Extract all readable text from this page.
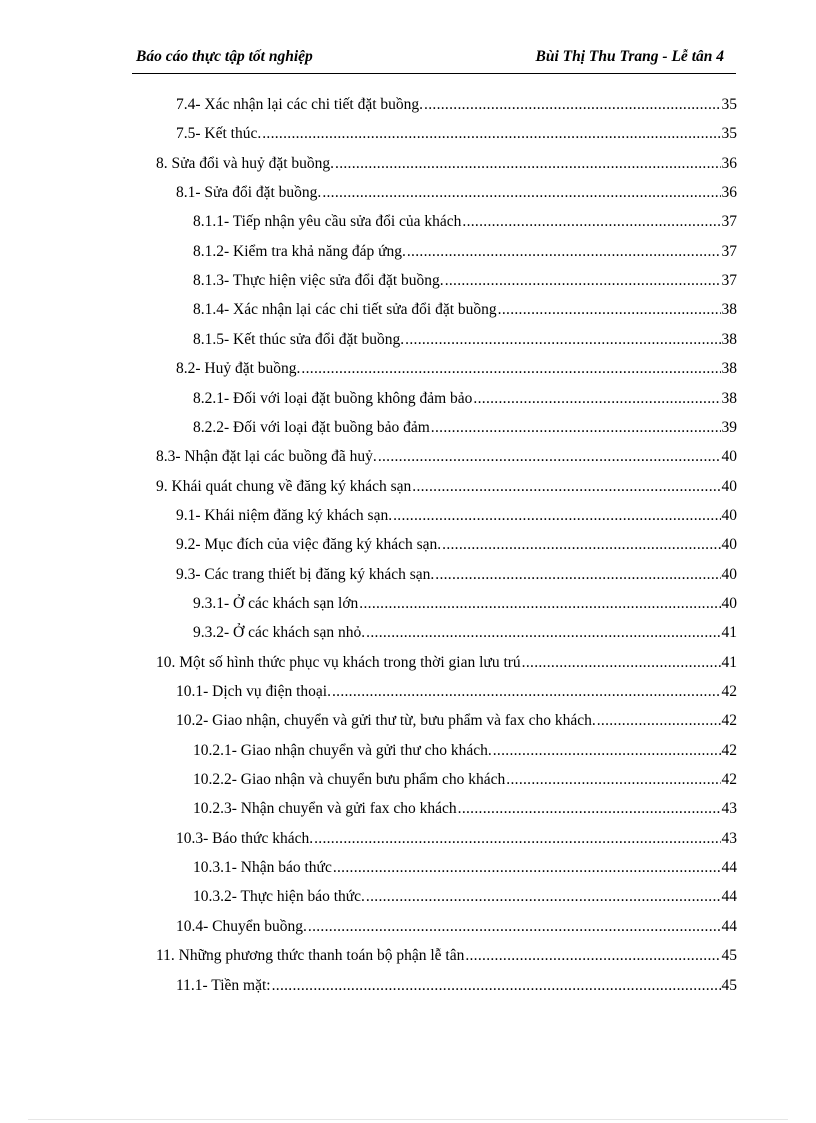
Báo cáo thực tập tốt nghiệp	Bùi Thị Thu Trang - Lễ tân 4
7.4- Xác nhận lại các chi tiết đặt buồng. .....	35
7.5- Kết thúc. .....	35
8. Sửa đổi và huỷ đặt buồng. .....	36
8.1- Sửa đổi đặt buồng. .....	36
8.1.1- Tiếp nhận yêu cầu sửa đổi của khách .....	37
8.1.2- Kiểm tra khả năng đáp ứng. .....	37
8.1.3- Thực hiện việc sửa đổi đặt buồng. .....	37
8.1.4- Xác nhận lại các chi tiết sửa đổi đặt buồng .....	38
8.1.5- Kết thúc sửa đổi đặt buồng. .....	38
8.2- Huỷ đặt buồng. .....	38
8.2.1- Đối với loại đặt buồng không đảm bảo .....	38
8.2.2- Đối với loại đặt buồng bảo đảm .....	39
8.3- Nhận đặt lại các buồng đã huỷ. .....	40
9. Khái quát chung về đăng ký khách sạn .....	40
9.1- Khái niệm đăng ký khách sạn. .....	40
9.2- Mục đích của việc đăng ký khách sạn. .....	40
9.3- Các trang thiết bị đăng ký khách sạn. .....	40
9.3.1- Ở các khách sạn lớn .....	40
9.3.2- Ở các khách sạn nhỏ. .....	41
10. Một số hình thức phục vụ khách trong thời gian lưu trú .....	41
10.1- Dịch vụ điện thoại. .....	42
10.2- Giao nhận, chuyển và gửi thư từ, bưu phẩm và fax cho khách. .....	42
10.2.1- Giao nhận chuyển và gửi thư cho khách. .....	42
10.2.2- Giao nhận và chuyển bưu phẩm cho khách .....	42
10.2.3- Nhận chuyển và gửi fax cho khách .....	43
10.3- Báo thức khách. .....	43
10.3.1- Nhận báo thức .....	44
10.3.2- Thực hiện báo thức. .....	44
10.4- Chuyển buồng. .....	44
11. Những phương thức thanh toán bộ phận lễ tân .....	45
11.1- Tiền mặt: .....	45
